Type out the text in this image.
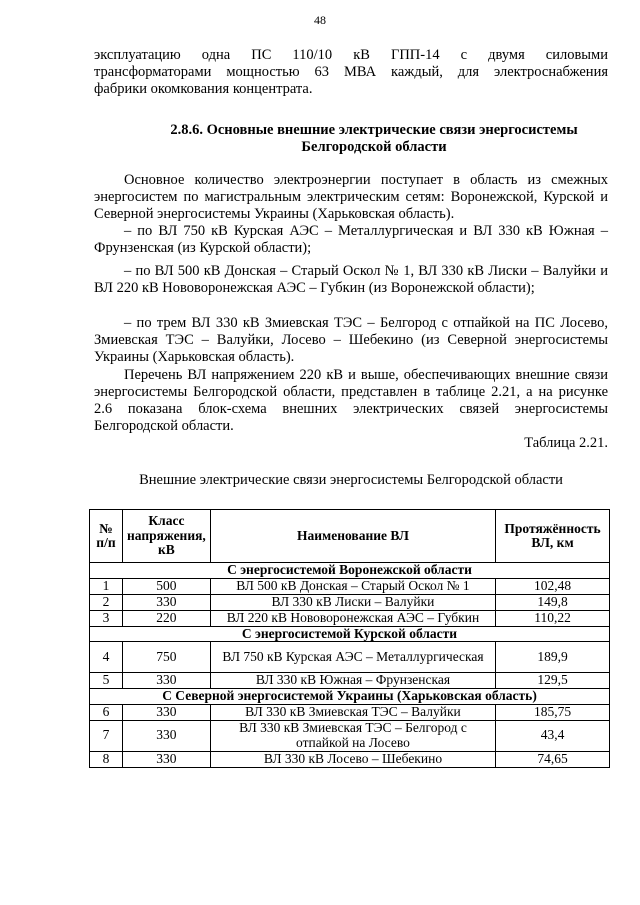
48
эксплуатацию одна ПС 110/10 кВ ГПП-14 с двумя силовыми
трансформаторами мощностью 63 МВА каждый, для электроснабжения
фабрики окомкования концентрата.
2.8.6. Основные внешние электрические связи энергосистемы
Белгородской области
Основное количество электроэнергии поступает в область из смежных энергосистем по магистральным электрическим сетям: Воронежской, Курской и Северной энергосистемы Украины (Харьковская область).
– по ВЛ 750 кВ Курская АЭС – Металлургическая и ВЛ 330 кВ Южная – Фрунзенская (из Курской области);
– по ВЛ 500 кВ Донская – Старый Оскол № 1, ВЛ 330 кВ Лиски – Валуйки и ВЛ 220 кВ Нововоронежская АЭС – Губкин (из Воронежской области);
– по трем ВЛ 330 кВ Змиевская ТЭС – Белгород с отпайкой на ПС Лосево, Змиевская ТЭС – Валуйки, Лосево – Шебекино (из Северной энергосистемы Украины (Харьковская область).
Перечень ВЛ напряжением 220 кВ и выше, обеспечивающих внешние связи энергосистемы Белгородской области, представлен в таблице 2.21, а на рисунке 2.6 показана блок-схема внешних электрических связей энергосистемы Белгородской области.
Таблица 2.21.
Внешние электрические связи энергосистемы Белгородской области
№ п/п	Класс напряжения, кВ	Наименование ВЛ	Протяжённость ВЛ, км
С энергосистемой Воронежской области			
1	500	ВЛ 500 кВ Донская – Старый Оскол № 1	102,48
2	330	ВЛ 330 кВ Лиски – Валуйки	149,8
3	220	ВЛ 220 кВ Нововоронежская АЭС – Губкин	110,22
С энергосистемой Курской области			
4	750	ВЛ 750 кВ Курская АЭС – Металлургическая	189,9
5	330	ВЛ 330 кВ Южная – Фрунзенская	129,5
С Северной энергосистемой Украины (Харьковская область)			
6	330	ВЛ 330 кВ Змиевская ТЭС – Валуйки	185,75
7	330	ВЛ 330 кВ Змиевская ТЭС – Белгород с отпайкой на Лосево	43,4
8	330	ВЛ 330 кВ Лосево – Шебекино	74,65
